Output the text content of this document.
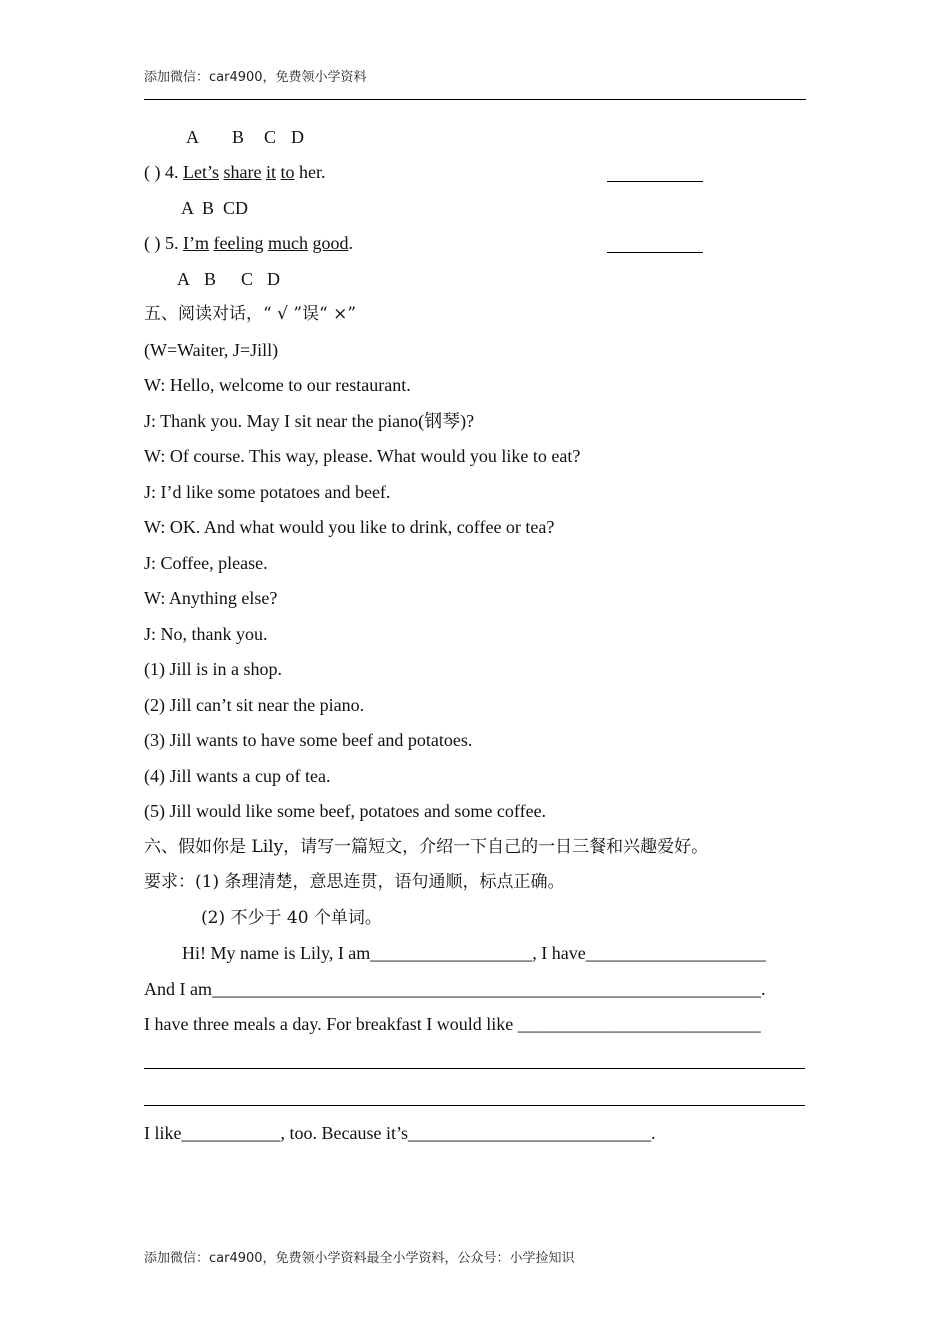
添加微信：car4900，免费领小学资料
A B C D
( ) 4. Let’s share it to her.
A  B  CD
( ) 5. I’m feeling much good.
A B C D
五、阅读对话，“ √ ”误“ ×”
(W=Waiter, J=Jill)
W: Hello, welcome to our restaurant.
J: Thank you. May I sit near the piano(钢琴)?
W: Of course. This way, please. What would you like to eat?
J: I’d like some potatoes and beef.
W: OK. And what would you like to drink, coffee or tea?
J: Coffee, please.
W: Anything else?
J: No, thank you.
(1) Jill is in a shop.
(2) Jill can’t sit near the piano.
(3) Jill wants to have some beef and potatoes.
(4) Jill wants a cup of tea.
(5) Jill would like some beef, potatoes and some coffee.
六、假如你是 Lily，请写一篇短文，介绍一下自己的一日三餐和兴趣爱好。
要求：(1) 条理清楚，意思连贯，语句通顺，标点正确。
(2) 不少于 40 个单词。
Hi! My name is Lily, I am__________________, I have____________________
And I am_____________________________________________________________.
I have three meals a day. For breakfast I would like ___________________________
I like___________, too. Because it’s___________________________.
添加微信：car4900，免费领小学资料最全小学资料，公众号：小学捡知识
